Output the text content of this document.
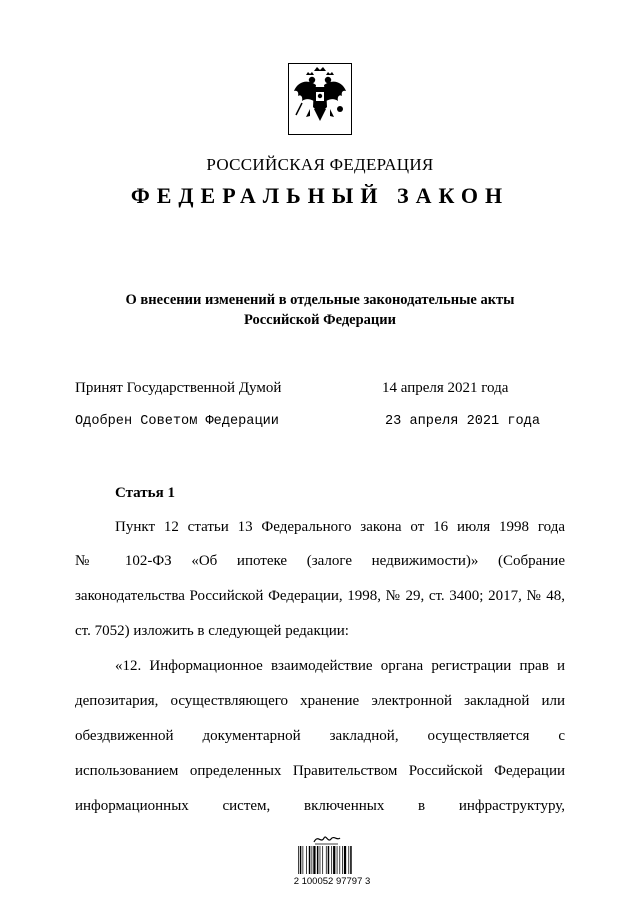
РОССИЙСКАЯ ФЕДЕРАЦИЯ
ФЕДЕРАЛЬНЫЙ ЗАКОН
О внесении изменений в отдельные законодательные акты
Российской Федерации
Принят Государственной Думой	14 апреля 2021 года
Одобрен Советом Федерации	23 апреля 2021 года
Статья 1
Пункт 12 статьи 13 Федерального закона от 16 июля 1998 года
№ 102-ФЗ «Об ипотеке (залоге недвижимости)» (Собрание
законодательства Российской Федерации, 1998, № 29, ст. 3400; 2017, № 48,
ст. 7052) изложить в следующей редакции:
«12. Информационное взаимодействие органа регистрации прав и
депозитария, осуществляющего хранение электронной закладной или
обездвиженной документарной закладной, осуществляется с
использованием определенных Правительством Российской Федерации
информационных систем, включенных в инфраструктуру,
2 100052 97797 3
